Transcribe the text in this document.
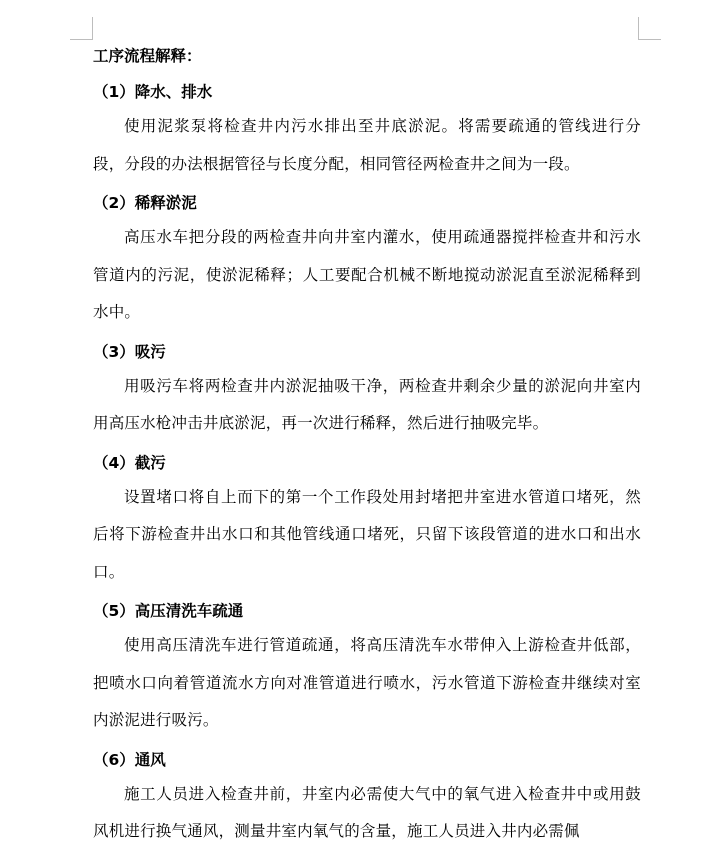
工序流程解释：

（1）降水、排水

使用泥浆泵将检查井内污水排出至井底淤泥。将需要疏通的管线进行分段，分段的办法根据管径与长度分配，相同管径两检查井之间为一段。

（2）稀释淤泥

高压水车把分段的两检查井向井室内灌水，使用疏通器搅拌检查井和污水管道内的污泥，使淤泥稀释；人工要配合机械不断地搅动淤泥直至淤泥稀释到水中。

（3）吸污

用吸污车将两检查井内淤泥抽吸干净，两检查井剩余少量的淤泥向井室内用高压水枪冲击井底淤泥，再一次进行稀释，然后进行抽吸完毕。

（4）截污

设置堵口将自上而下的第一个工作段处用封堵把井室进水管道口堵死，然后将下游检查井出水口和其他管线通口堵死，只留下该段管道的进水口和出水口。

（5）高压清洗车疏通

使用高压清洗车进行管道疏通，将高压清洗车水带伸入上游检查井低部，把喷水口向着管道流水方向对准管道进行喷水，污水管道下游检查井继续对室内淤泥进行吸污。

（6）通风

施工人员进入检查井前，井室内必需使大气中的氧气进入检查井中或用鼓风机进行换气通风，测量井室内氧气的含量，施工人员进入井内必需佩
